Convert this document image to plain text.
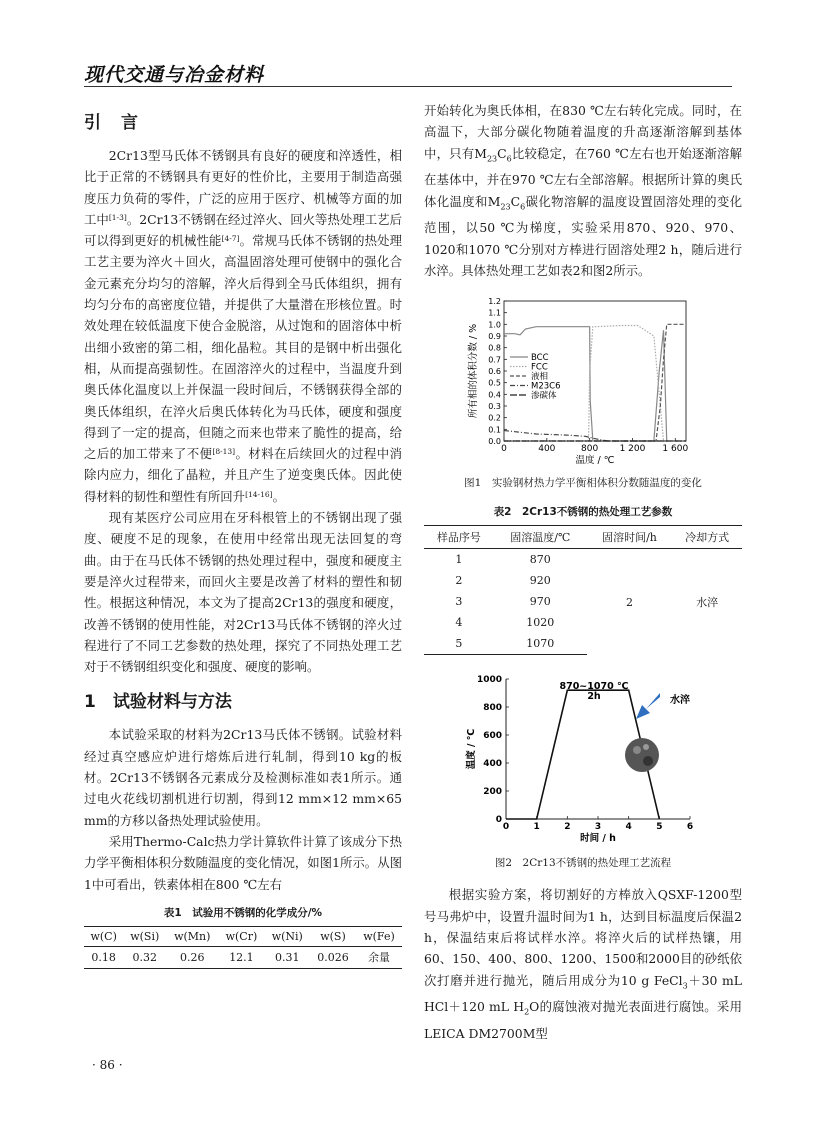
现代交通与冶金材料
引言

2Cr13型马氏体不锈钢具有良好的硬度和淬透性，相比于正常的不锈钢具有更好的性价比，主要用于制造高强度压力负荷的零件，广泛的应用于医疗、机械等方面的加工中[1-3]。2Cr13不锈钢在经过淬火、回火等热处理工艺后可以得到更好的机械性能[4-7]。常规马氏体不锈钢的热处理工艺主要为淬火＋回火，高温固溶处理可使钢中的强化合金元素充分均匀的溶解，淬火后得到全马氏体组织，拥有均匀分布的高密度位错，并提供了大量潜在形核位置。时效处理在较低温度下使合金脱溶，从过饱和的固溶体中析出细小致密的第二相，细化晶粒。其目的是钢中析出强化相，从而提高强韧性。在固溶淬火的过程中，当温度升到奥氏体化温度以上并保温一段时间后，不锈钢获得全部的奥氏体组织，在淬火后奥氏体转化为马氏体，硬度和强度得到了一定的提高，但随之而来也带来了脆性的提高，给之后的加工带来了不便[8-13]。材料在后续回火的过程中消除内应力，细化了晶粒，并且产生了逆变奥氏体。因此使得材料的韧性和塑性有所回升[14-16]。

现有某医疗公司应用在牙科根管上的不锈钢出现了强度、硬度不足的现象，在使用中经常出现无法回复的弯曲。由于在马氏体不锈钢的热处理过程中，强度和硬度主要是淬火过程带来，而回火主要是改善了材料的塑性和韧性。根据这种情况，本文为了提高2Cr13的强度和硬度，改善不锈钢的使用性能，对2Cr13马氏体不锈钢的淬火过程进行了不同工艺参数的热处理，探究了不同热处理工艺对于不锈钢组织变化和强度、硬度的影响。

1　试验材料与方法

本试验采取的材料为2Cr13马氏体不锈钢。试验材料经过真空感应炉进行熔炼后进行轧制，得到10 kg的板材。2Cr13不锈钢各元素成分及检测标准如表1所示。通过电火花线切割机进行切割，得到12 mm×12 mm×65 mm的方移以备热处理试验使用。

采用Thermo-Calc热力学计算软件计算了该成分下热力学平衡相体积分数随温度的变化情况，如图1所示。从图1中可看出，铁素体相在800 ℃左右

表1　试验用不锈钢的化学成分/%
w(C)	w(Si)	w(Mn)	w(Cr)	w(Ni)	w(S)	w(Fe)
0.18	0.32	0.26	12.1	0.31	0.026	余量

开始转化为奥氏体相，在830 ℃左右转化完成。同时，在高温下，大部分碳化物随着温度的升高逐渐溶解到基体中，只有$M_{23}C_6$比较稳定，在760 ℃左右也开始逐渐溶解在基体中，并在970 ℃左右全部溶解。根据所计算的奥氏体化温度和$M_{23}C_6$碳化物溶解的温度设置固溶处理的变化范围，以50 ℃为梯度，实验采用870、920、970、1020和1070 ℃分别对方棒进行固溶处理2 h，随后进行水淬。具体热处理工艺如表2和图2所示。

0	400	800 1 200 1 600
0.0
0.1
0.2
0.3
0.4
0.5
0.6
0.7
0.8
0.9
1.0
1.1
1.2
温度 / ℃
所有相的体积分数 / %	BCC
FCC
液相
M23C6
渗碳体
图1　实验钢材热力学平衡相体积分数随温度的变化
表2　2Cr13不锈钢的热处理工艺参数
样品序号	固溶温度/℃	固溶时间/h	冷却方式
1	870	2	水淬
2	920		
3	970		
4	1020		
5	1070		
0	1	2	3	4	5	6
0
200
400
600
800
1000
时间 / h
温度 / ℃
870~1070 ℃
2h	水淬
图2　2Cr13不锈钢的热处理工艺流程

根据实验方案，将切割好的方棒放入QSXF-1200型号马弗炉中，设置升温时间为1 h，达到目标温度后保温2 h，保温结束后将试样水淬。将淬火后的试样热镶，用60、150、400、800、1200、1500和2000目的砂纸依次打磨并进行抛光，随后用成分为10 g FeCl$_3$＋30 mL HCl＋120 mL $H_2O$的腐蚀液对抛光表面进行腐蚀。采用LEICA DM2700M型

· 86 ·
